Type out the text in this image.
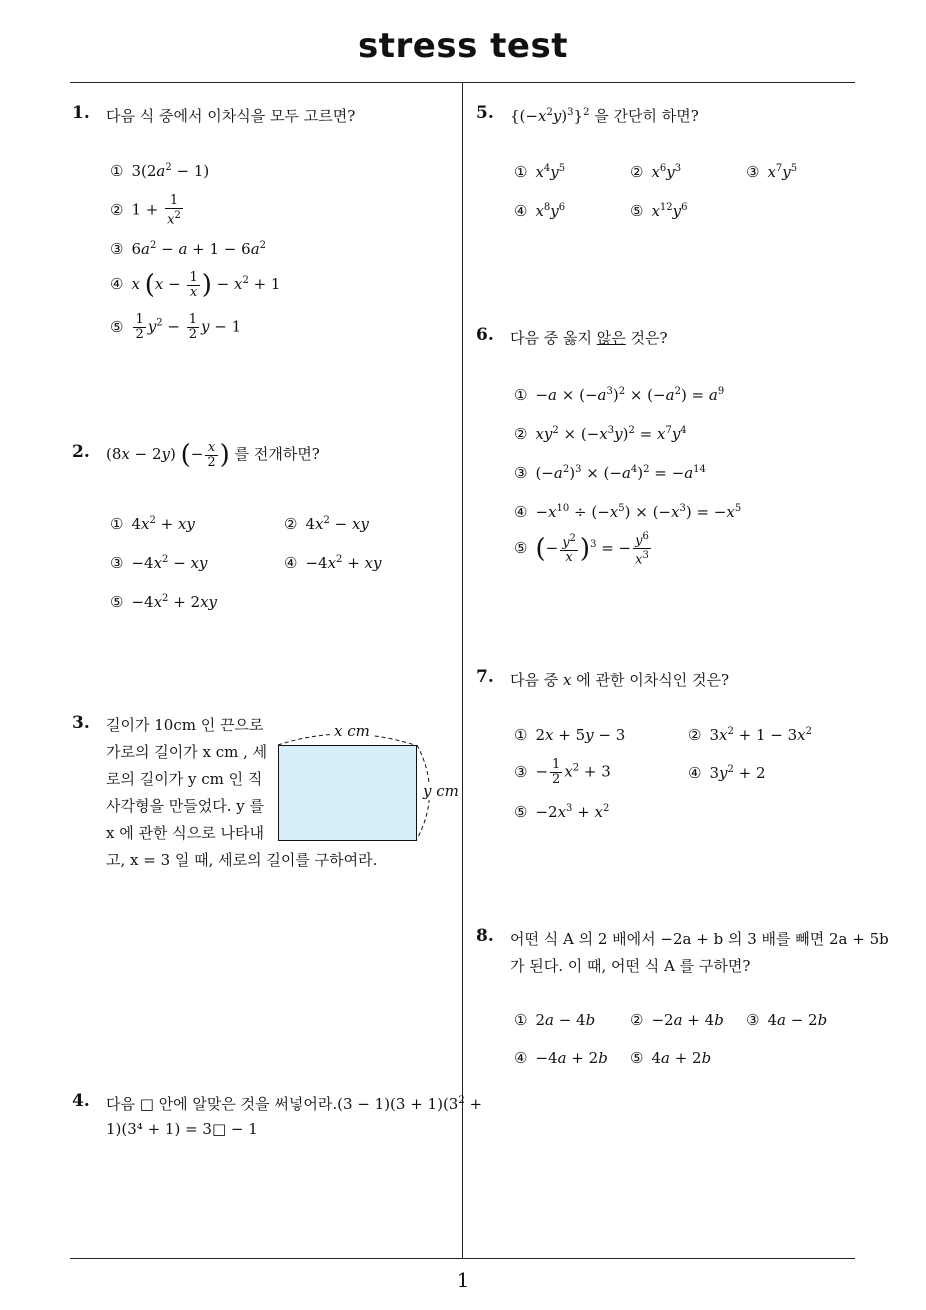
stress test
1
1. 다음 식 중에서 이차식을 모두 고르면?
① $3(2a^2 - 1)$
② $1 + \frac{1}{x^2}$
③ $6a^2 - a + 1 - 6a^2$
④ x ($x - \frac{1}{x}$ ) − $x^2 + 1$
⑤ $\frac{1}{2} y^2 - \frac{1}{2}$ y − 1
2. (8x − 2y) (− $\frac{x}{2}$ ) 를 전개하면?
① $4x^2$ + xy	② $4x^2$ − xy
③ $-4x^2$ − xy	④ $-4x^2$ + xy
⑤ $-4x^2 + 2xy$
3. 길이가 10cm 인 끈으로
가로의 길이가 x cm , 세
로의 길이가 y cm 인 직
사각형을 만들었다. y 를
x 에 관한 식으로 나타내
고, x = 3 일 때, 세로의 길이를 구하여라.
x cm
y cm
4. 다음 □ 안에 알맞은 것을 써넣어라$.(3 - 1)(3 + 1)(3^2$ +
1)(3⁴ + 1) = 3□ − 1
5. $\{(-x^2y)^3\}^2$ 을 간단히 하면?
① $x^4y^5$	② $x^6y^3$	③ $x^7y^5$
④ $x^8y^6$	⑤ $x^{12}y^6$
6. 다음 중 옳지 않은 것은?
① $-a \times (-a^3)^2 \times (-a^2) = a^9$
② $xy^2 \times (-x^3y)^2 = x^7y^4$
③ $(-a^2)^3 \times (-a^4)^2 = -a^{14}$
④ $-x^{10} \div (-x^5) \times (-x^3) = -x^5$
⑤ (− $\frac{y^2}{x} )^3$ = − $\frac{y^6}{x^3}$
7. 다음 중 x 에 관한 이차식인 것은?
① 2x + 5y − 3	② $3x^2 + 1 - 3x^2$
③ − $\frac{1}{2} x^2 + 3$	④ $3y^2 + 2$
⑤ $-2x^3 + x^2$
8. 어떤 식 A 의 2 배에서 −2a + b 의 3 배를 빼면 2a + 5b
가 된다. 이 때, 어떤 식 A 를 구하면?
① 2a − 4b ② −2a + 4b ③ 4a − 2b
④ −4a + 2b ⑤ 4a + 2b
